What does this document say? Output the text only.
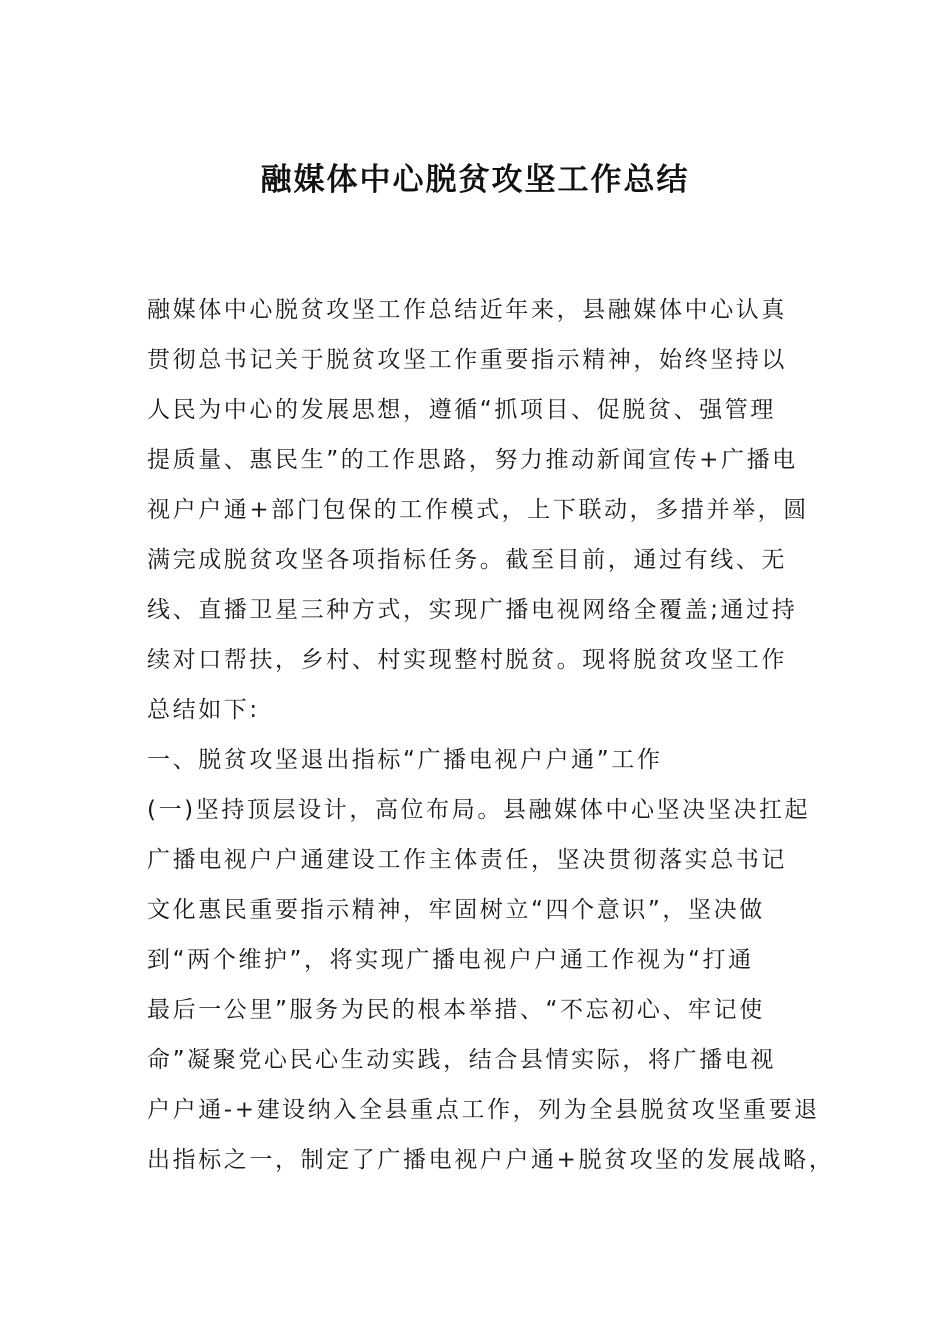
融媒体中心脱贫攻坚工作总结
融媒体中心脱贫攻坚工作总结近年来，县融媒体中心认真
贯彻总书记关于脱贫攻坚工作重要指示精神，始终坚持以
人民为中心的发展思想，遵循“抓项目、促脱贫、强管理
提质量、惠民生”的工作思路，努力推动新闻宣传+广播电
视户户通+部门包保的工作模式，上下联动，多措并举，圆
满完成脱贫攻坚各项指标任务。截至目前，通过有线、无
线、直播卫星三种方式，实现广播电视网络全覆盖;通过持
续对口帮扶，乡村、村实现整村脱贫。现将脱贫攻坚工作
总结如下:
一、脱贫攻坚退出指标“广播电视户户通”工作
(一)坚持顶层设计，高位布局。县融媒体中心坚决坚决扛起
广播电视户户通建设工作主体责任，坚决贯彻落实总书记
文化惠民重要指示精神，牢固树立“四个意识”，坚决做
到“两个维护”，将实现广播电视户户通工作视为“打通
最后一公里”服务为民的根本举措、“不忘初心、牢记使
命”凝聚党心民心生动实践，结合县情实际，将广播电视
户户通-+建设纳入全县重点工作，列为全县脱贫攻坚重要退
出指标之一，制定了广播电视户户通+脱贫攻坚的发展战略，
